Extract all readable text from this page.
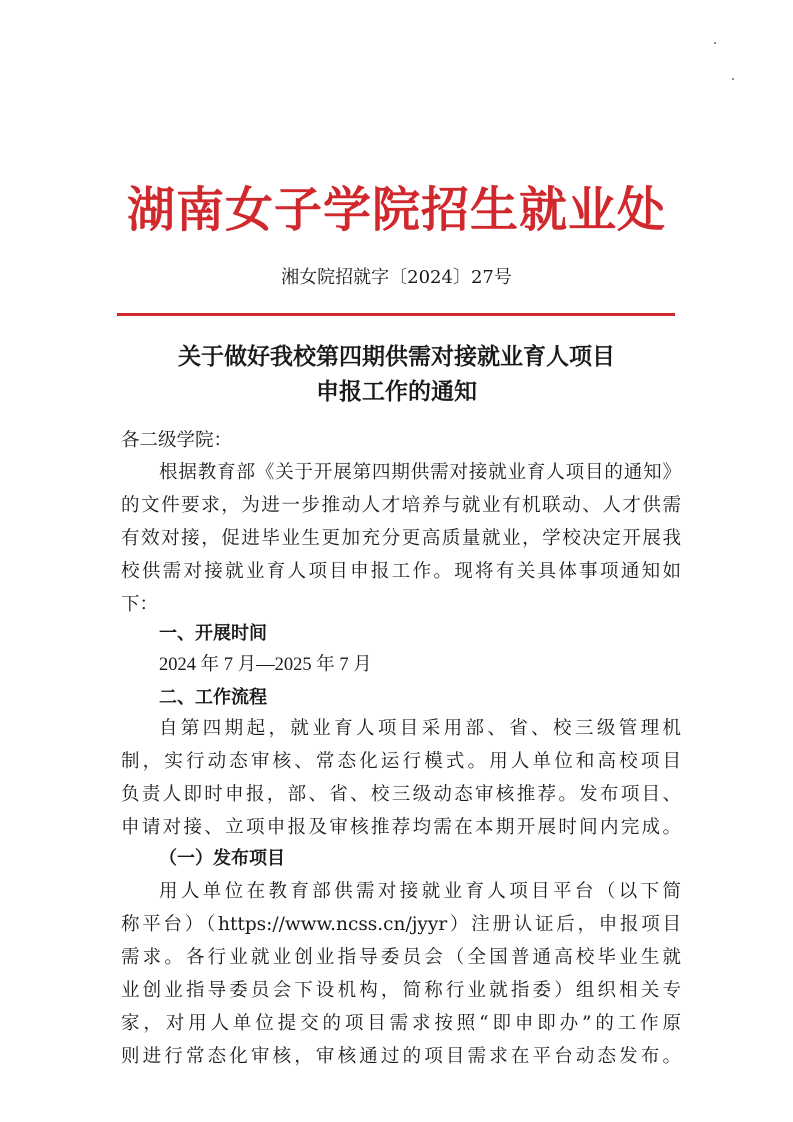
湖南女子学院招生就业处
湘女院招就字〔2024〕27号
关于做好我校第四期供需对接就业育人项目
申报工作的通知
各二级学院：
根据教育部《关于开展第四期供需对接就业育人项目的通知》
的文件要求，为进一步推动人才培养与就业有机联动、人才供需
有效对接，促进毕业生更加充分更高质量就业，学校决定开展我
校供需对接就业育人项目申报工作。现将有关具体事项通知如
下：
一、开展时间
2024 年 7 月—2025 年 7 月
二、工作流程
自第四期起，就业育人项目采用部、省、校三级管理机
制，实行动态审核、常态化运行模式。用人单位和高校项目
负责人即时申报，部、省、校三级动态审核推荐。发布项目、
申请对接、立项申报及审核推荐均需在本期开展时间内完成。
（一）发布项目
用人单位在教育部供需对接就业育人项目平台（以下简
称平台）（https://www.ncss.cn/jyyr）注册认证后，申报项目
需求。各行业就业创业指导委员会（全国普通高校毕业生就
业创业指导委员会下设机构，简称行业就指委）组织相关专
家，对用人单位提交的项目需求按照“即申即办”的工作原
则进行常态化审核，审核通过的项目需求在平台动态发布。
